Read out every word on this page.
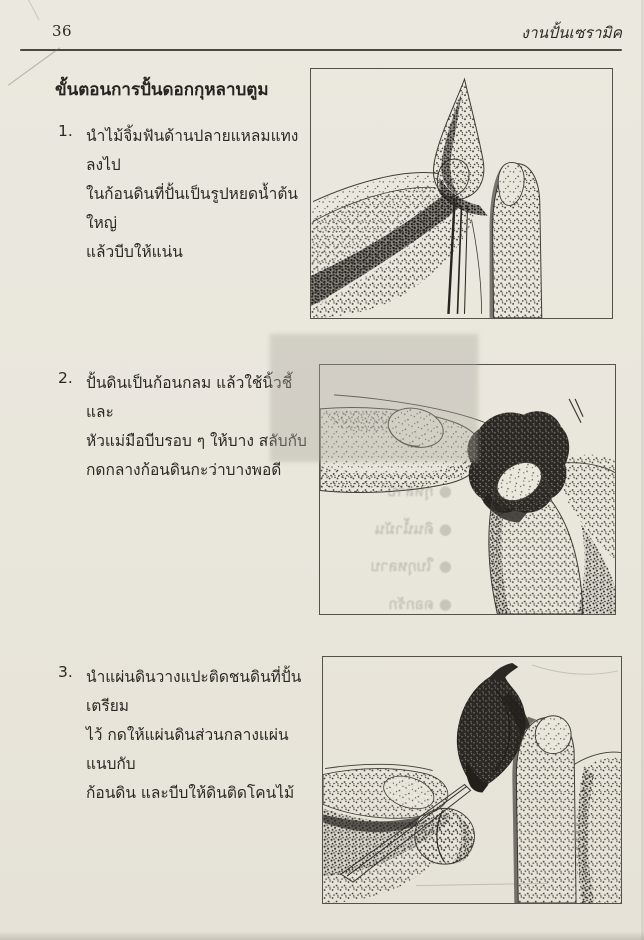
36	งานปั้นเซรามิค
ขั้นตอนการปั้นดอกกุหลาบตูม
1. นำไม้จิ้มฟันด้านปลายแหลมแทงลงไป
ในก้อนดินที่ปั้นเป็นรูปหยดน้ำต้นใหญ่
แล้วบีบให้แน่น
2. ปั้นดินเป็นก้อนกลม แล้วใช้นิ้วชี้ และ
หัวแม่มือบีบรอบ ๆ ให้บาง สลับกับ
กดกลางก้อนดินกะว่าบางพอดี
3. นำแผ่นดินวางแปะติดชนดินที่ปั้นเตรียม
ไว้ กดให้แผ่นดินส่วนกลางแผ่นแนบกับ
ก้อนดิน และบีบให้ดินติดโคนไม้
● กุหลาบ
● ดินน้ำมัน
● ใบกุหลาบ
● ดอกรัก
